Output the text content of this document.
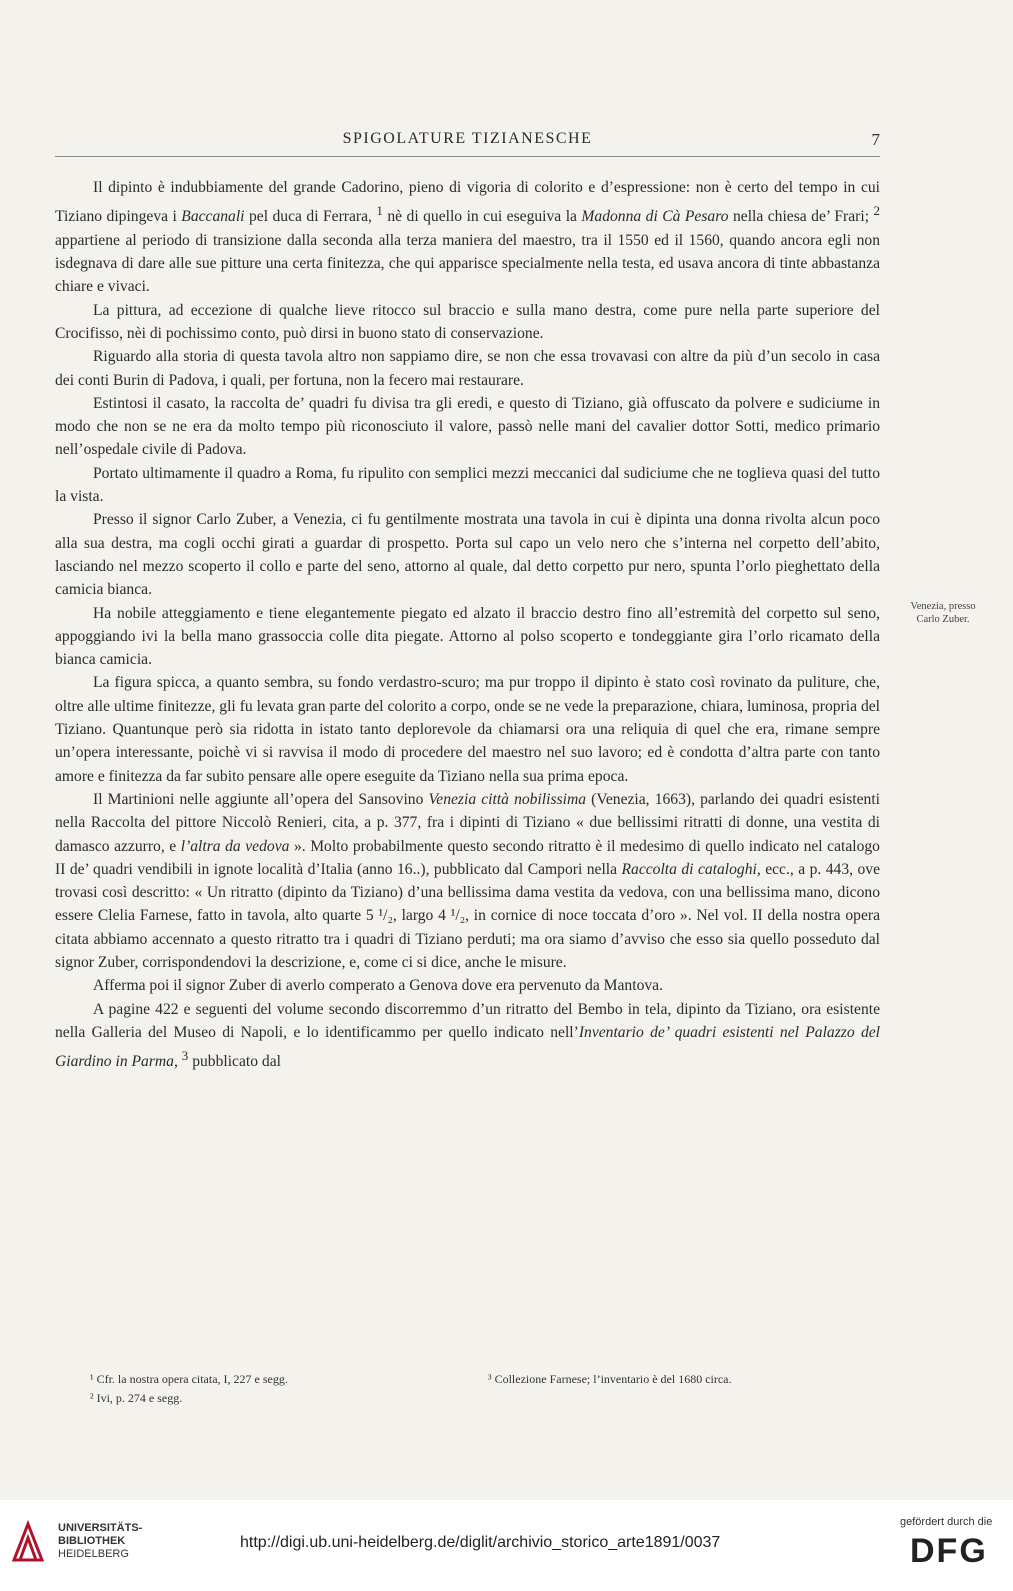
SPIGOLATURE TIZIANESCHE	7

Il dipinto è indubbiamente del grande Cadorino, pieno di vigoria di colorito e d’espressione: non è certo del tempo in cui Tiziano dipingeva i Baccanali pel duca di Ferrara, $^1$ nè di quello in cui eseguiva la Madonna di Cà Pesaro nella chiesa de’ Frari; $^2$ appartiene al periodo di transizione dalla seconda alla terza maniera del maestro, tra il 1550 ed il 1560, quando ancora egli non isdegnava di dare alle sue pitture una certa finitezza, che qui apparisce specialmente nella testa, ed usava ancora di tinte abbastanza chiare e vivaci.

La pittura, ad eccezione di qualche lieve ritocco sul braccio e sulla mano destra, come pure nella parte superiore del Crocifisso, nèi di pochissimo conto, può dirsi in buono stato di conservazione.

Riguardo alla storia di questa tavola altro non sappiamo dire, se non che essa trovavasi con altre da più d’un secolo in casa dei conti Burin di Padova, i quali, per fortuna, non la fecero mai restaurare.

Estintosi il casato, la raccolta de’ quadri fu divisa tra gli eredi, e questo di Tiziano, già offuscato da polvere e sudiciume in modo che non se ne era da molto tempo più riconosciuto il valore, passò nelle mani del cavalier dottor Sotti, medico primario nell’ospedale civile di Padova.

Portato ultimamente il quadro a Roma, fu ripulito con semplici mezzi meccanici dal sudiciume che ne toglieva quasi del tutto la vista.

Presso il signor Carlo Zuber, a Venezia, ci fu gentilmente mostrata una tavola in cui è dipinta una donna rivolta alcun poco alla sua destra, ma cogli occhi girati a guardar di prospetto. Porta sul capo un velo nero che s’interna nel corpetto dell’abito, lasciando nel mezzo scoperto il collo e parte del seno, attorno al quale, dal detto corpetto pur nero, spunta l’orlo pieghettato della camicia bianca.

Ha nobile atteggiamento e tiene elegantemente piegato ed alzato il braccio destro fino all’estremità del corpetto sul seno, appoggiando ivi la bella mano grassoccia colle dita piegate. Attorno al polso scoperto e tondeggiante gira l’orlo ricamato della bianca camicia.

La figura spicca, a quanto sembra, su fondo verdastro-scuro; ma pur troppo il dipinto è stato così rovinato da puliture, che, oltre alle ultime finitezze, gli fu levata gran parte del colorito a corpo, onde se ne vede la preparazione, chiara, luminosa, propria del Tiziano. Quantunque però sia ridotta in istato tanto deplorevole da chiamarsi ora una reliquia di quel che era, rimane sempre un’opera interessante, poichè vi si ravvisa il modo di procedere del maestro nel suo lavoro; ed è condotta d’altra parte con tanto amore e finitezza da far subito pensare alle opere eseguite da Tiziano nella sua prima epoca.

Il Martinioni nelle aggiunte all’opera del Sansovino Venezia città nobilissima (Venezia, 1663), parlando dei quadri esistenti nella Raccolta del pittore Niccolò Renieri, cita, a p. 377, fra i dipinti di Tiziano « due bellissimi ritratti di donne, una vestita di damasco azzurro, e l’altra da vedova ». Molto probabilmente questo secondo ritratto è il medesimo di quello indicato nel catalogo II de’ quadri vendibili in ignote località d’Italia (anno 16..), pubblicato dal Campori nella Raccolta di cataloghi, ecc., a p. 443, ove trovasi così descritto: « Un ritratto (dipinto da Tiziano) d’una bellissima dama vestita da vedova, con una bellissima mano, dicono essere Clelia Farnese, fatto in tavola, alto quarte 5 ¹/₂, largo 4 ¹/₂, in cornice di noce toccata d’oro ». Nel vol. II della nostra opera citata abbiamo accennato a questo ritratto tra i quadri di Tiziano perduti; ma ora siamo d’avviso che esso sia quello posseduto dal signor Zuber, corrispondendovi la descrizione, e, come ci si dice, anche le misure.

Afferma poi il signor Zuber di averlo comperato a Genova dove era pervenuto da Mantova.

A pagine 422 e seguenti del volume secondo discorremmo d’un ritratto del Bembo in tela, dipinto da Tiziano, ora esistente nella Galleria del Museo di Napoli, e lo identificammo per quello indicato nell’Inventario de’ quadri esistenti nel Palazzo del Giardino in Parma, $^3$ pubblicato dal

Venezia, presso
Carlo Zuber.
¹ Cfr. la nostra opera citata, I, 227 e segg.
² Ivi, p. 274 e segg.
³ Collezione Farnese; l’inventario è del 1680 circa.
UNIVERSITÄTS-
BIBLIOTHEK
HEIDELBERG
http://digi.ub.uni-heidelberg.de/diglit/archivio_storico_arte1891/0037
gefördert durch die
DFG
